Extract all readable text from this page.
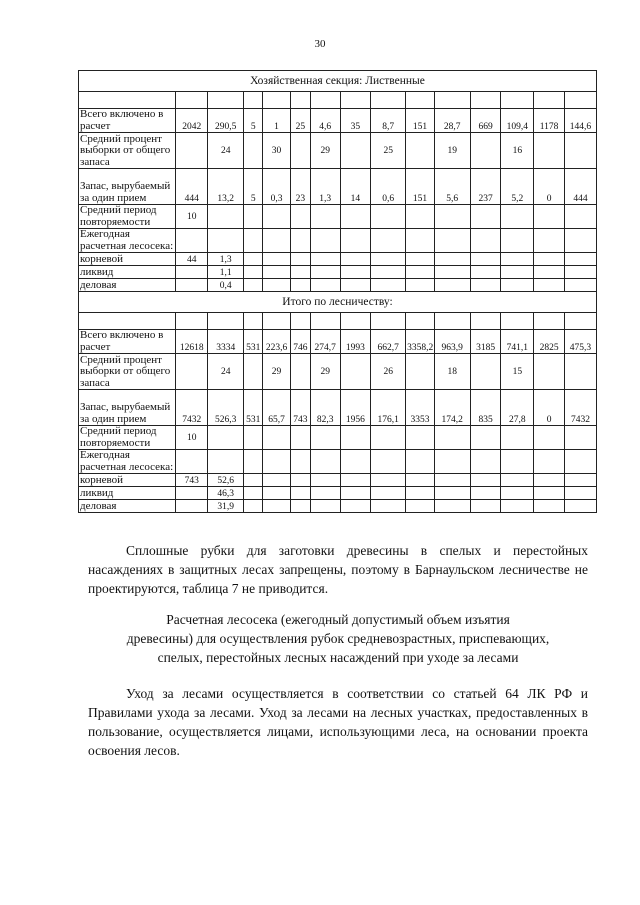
30
Хозяйственная секция: Лиственные														

Всего включено в расчет	2042	290,5	5	1	25	4,6	35	8,7	151	28,7	669	109,4	1178	144,6
Средний процент выборки от общего запаса		24		30		29		25		19		16		
Запас, вырубаемый за один прием	444	13,2	5	0,3	23	1,3	14	0,6	151	5,6	237	5,2	0	444
Средний период повторяемости	10													
Ежегодная расчетная лесосека:														
корневой	44	1,3												
ликвид		1,1												
деловая		0,4												
Итого по лесничеству:														

Всего включено в расчет	12618	3334	531	223,6	746	274,7	1993	662,7	3358,2	963,9	3185	741,1	2825	475,3
Средний процент выборки от общего запаса		24		29		29		26		18		15		
Запас, вырубаемый за один прием	7432	526,3	531	65,7	743	82,3	1956	176,1	3353	174,2	835	27,8	0	7432
Средний период повторяемости	10													
Ежегодная расчетная лесосека:														
корневой	743	52,6												
ликвид		46,3												
деловая		31,9												

Сплошные рубки для заготовки древесины в спелых и перестойных насаждениях в защитных лесах запрещены, поэтому в Барнаульском лесничестве не проектируются, таблица 7 не приводится.

Расчетная лесосека (ежегодный допустимый объем изъятия
древесины) для осуществления рубок средневозрастных, приспевающих,
спелых, перестойных лесных насаждений при уходе за лесами

Уход за лесами осуществляется в соответствии со статьей 64 ЛК РФ и Правилами ухода за лесами. Уход за лесами на лесных участках, предоставленных в пользование, осуществляется лицами, использующими леса, на основании проекта освоения лесов.
